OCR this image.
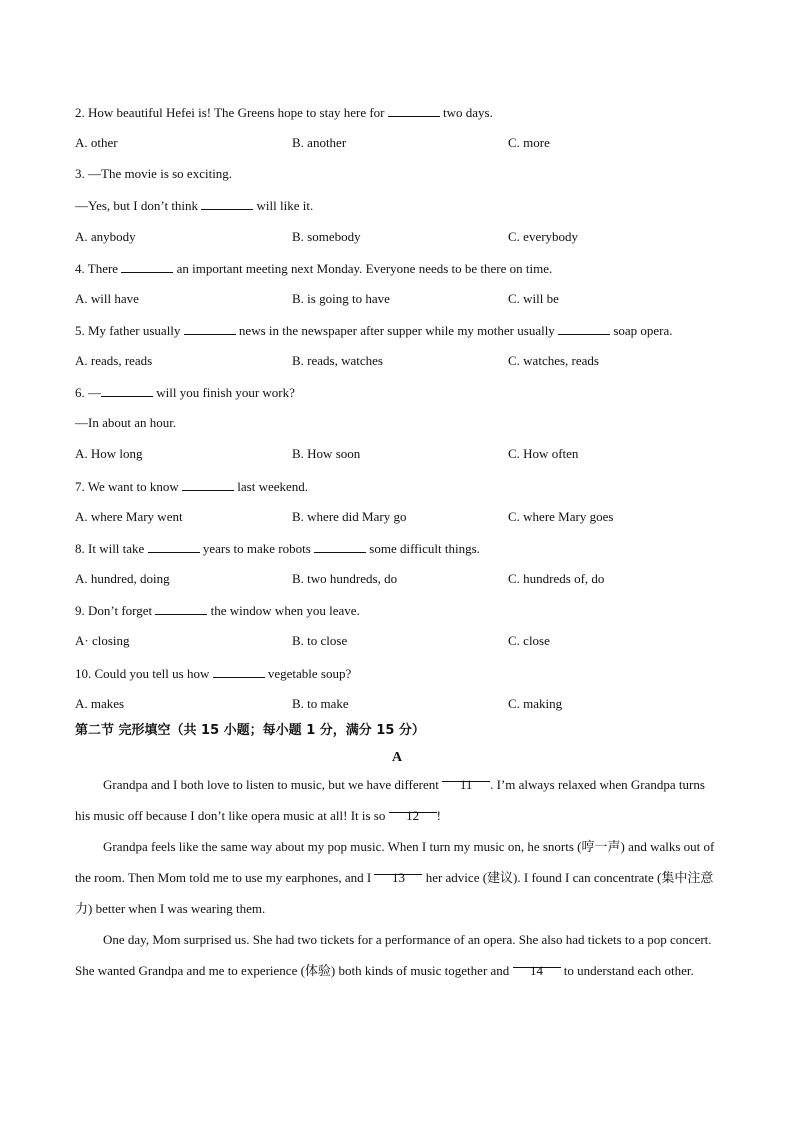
2. How beautiful Hefei is! The Greens hope to stay here for	two days.
A. other	B. another	C. more
3. —The movie is so exciting.
—Yes, but I don’t think	will like it.
A. anybody	B. somebody	C. everybody
4. There	an important meeting next Monday. Everyone needs to be there on time.
A. will have	B. is going to have	C. will be
5. My father usually	news in the newspaper after supper while my mother usually	soap opera.
A. reads, reads	B. reads, watches	C. watches, reads
6. —	will you finish your work?
—In about an hour.
A. How long	B. How soon	C. How often
7. We want to know	last weekend.
A. where Mary went	B. where did Mary go	C. where Mary goes
8. It will take	years to make robots	some difficult things.
A. hundred, doing	B. two hundreds, do	C. hundreds of, do
9. Don’t forget	the window when you leave.
A· closing	B. to close	C. close
10. Could you tell us how	vegetable soup?
A. makes	B. to make	C. making
第二节 完形填空（共 15 小题；每小题 1 分，满分 15 分）
A
Grandpa and I both love to listen to music, but we have different 11 . I’m always relaxed when Grandpa turns his music off because I don’t like opera music at all! It is so 12 !
Grandpa feels like the same way about my pop music. When I turn my music on, he snorts (哼一声) and walks out of the room. Then Mom told me to use my earphones, and I 13 her advice (建议). I found I can concentrate (集中注意力) better when I was wearing them.
One day, Mom surprised us. She had two tickets for a performance of an opera. She also had tickets to a pop concert. She wanted Grandpa and me to experience (体验) both kinds of music together and 14 to understand each other.
